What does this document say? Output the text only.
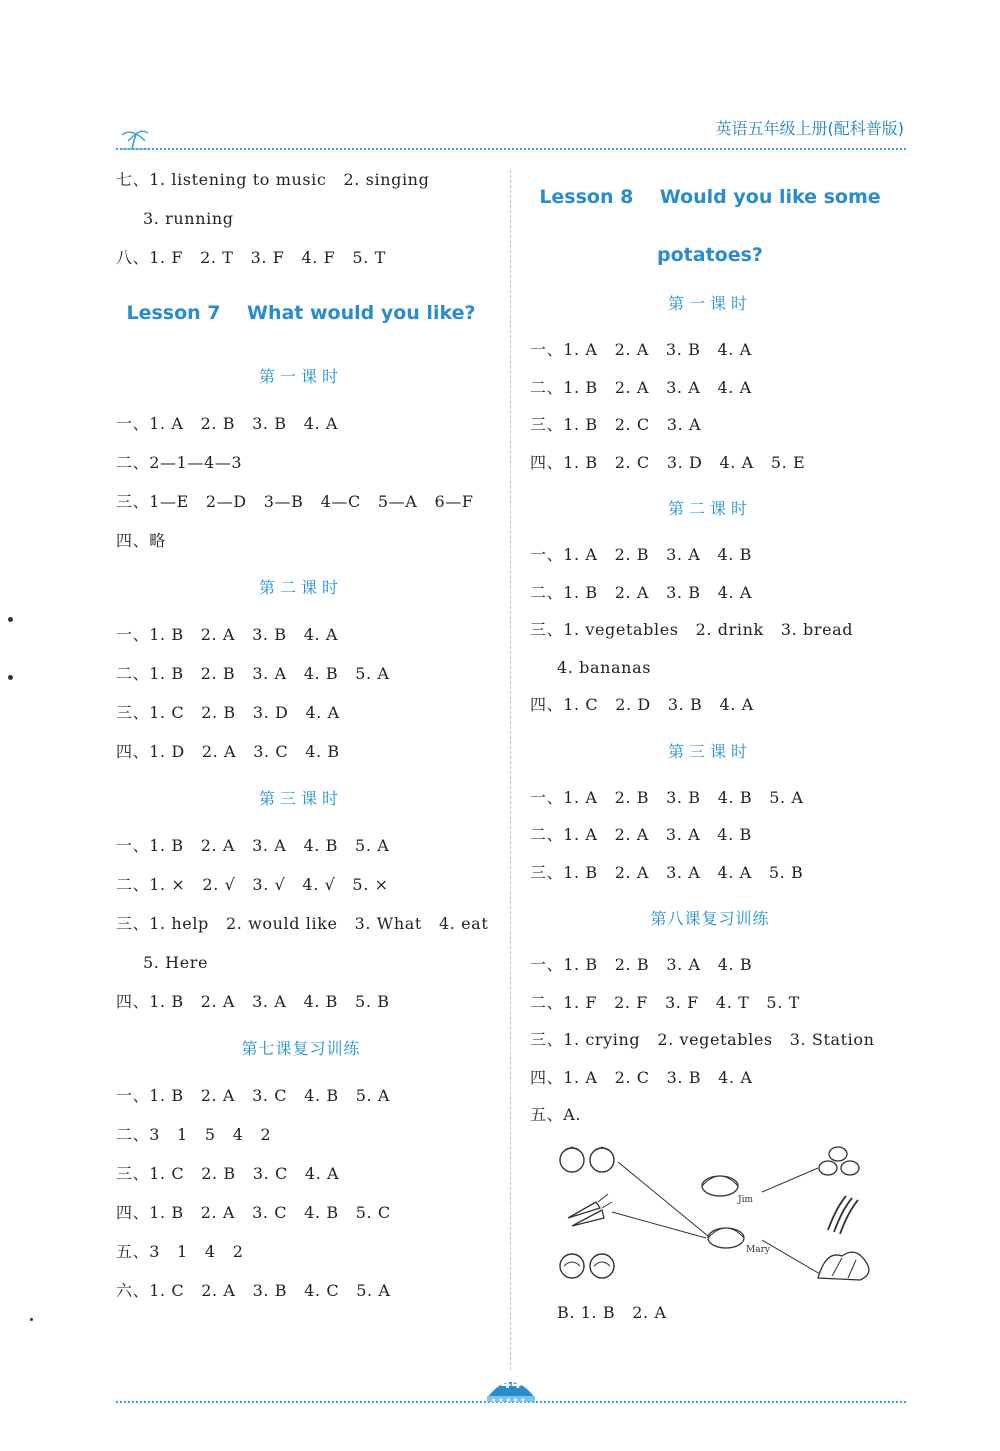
英语五年级上册(配科普版)
七、1. listening to music   2. singing
3. running
八、1. F   2. T   3. F   4. F   5. T
Lesson 7    What would you like?
第一课时
一、1. A   2. B   3. B   4. A
二、2—1—4—3
三、1—E   2—D   3—B   4—C   5—A   6—F
四、略
第二课时
一、1. B   2. A   3. B   4. A
二、1. B   2. B   3. A   4. B   5. A
三、1. C   2. B   3. D   4. A
四、1. D   2. A   3. C   4. B
第三课时
一、1. B   2. A   3. A   4. B   5. A
二、1. ×   2. √   3. √   4. √   5. ×
三、1. help   2. would like   3. What   4. eat
5. Here
四、1. B   2. A   3. A   4. B   5. B
第七课复习训练
一、1. B   2. A   3. C   4. B   5. A
二、3   1   5   4   2
三、1. C   2. B   3. C   4. A
四、1. B   2. A   3. C   4. B   5. C
五、3   1   4   2
六、1. C   2. A   3. B   4. C   5. A
Lesson 8    Would you like some
potatoes?
第一课时
一、1. A   2. A   3. B   4. A
二、1. B   2. A   3. A   4. A
三、1. B   2. C   3. A
四、1. B   2. C   3. D   4. A   5. E
第二课时
一、1. A   2. B   3. A   4. B
二、1. B   2. A   3. B   4. A
三、1. vegetables   2. drink   3. bread
4. bananas
四、1. C   2. D   3. B   4. A
第三课时
一、1. A   2. B   3. B   4. B   5. A
二、1. A   2. A   3. A   4. B
三、1. B   2. A   3. A   4. A   5. B
第八课复习训练
一、1. B   2. B   3. A   4. B
二、1. F   2. F   3. F   4. T   5. T
三、1. crying   2. vegetables   3. Station
四、1. A   2. C   3. B   4. A
五、A.
Jim
Mary
B. 1. B   2. A
★ ★ ★ ★ ★
44
